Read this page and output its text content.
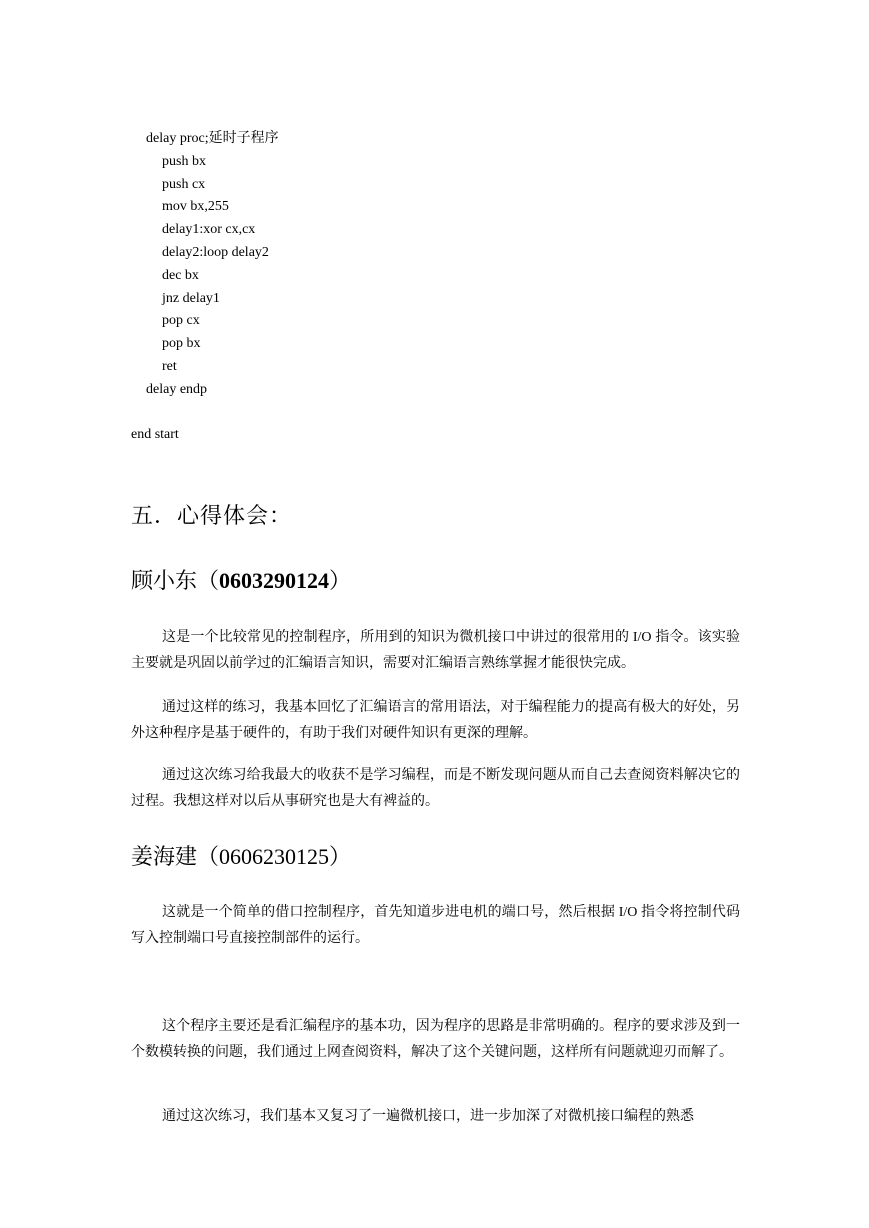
delay proc;延时子程序
push bx
push cx
mov bx,255
delay1:xor cx,cx
delay2:loop delay2
dec bx
jnz delay1
pop cx
pop bx
ret
delay endp
end start
五．心得体会：
顾小东（0603290124）

这是一个比较常见的控制程序，所用到的知识为微机接口中讲过的很常用的 I/O 指令。该实验主要就是巩固以前学过的汇编语言知识，需要对汇编语言熟练掌握才能很快完成。

通过这样的练习，我基本回忆了汇编语言的常用语法，对于编程能力的提高有极大的好处，另外这种程序是基于硬件的，有助于我们对硬件知识有更深的理解。

通过这次练习给我最大的收获不是学习编程，而是不断发现问题从而自己去查阅资料解决它的过程。我想这样对以后从事研究也是大有裨益的。

姜海建（0606230125）

这就是一个简单的借口控制程序，首先知道步进电机的端口号，然后根据 I/O 指令将控制代码写入控制端口号直接控制部件的运行。

这个程序主要还是看汇编程序的基本功，因为程序的思路是非常明确的。程序的要求涉及到一个数模转换的问题，我们通过上网查阅资料，解决了这个关键问题，这样所有问题就迎刃而解了。

通过这次练习，我们基本又复习了一遍微机接口，进一步加深了对微机接口编程的熟悉
